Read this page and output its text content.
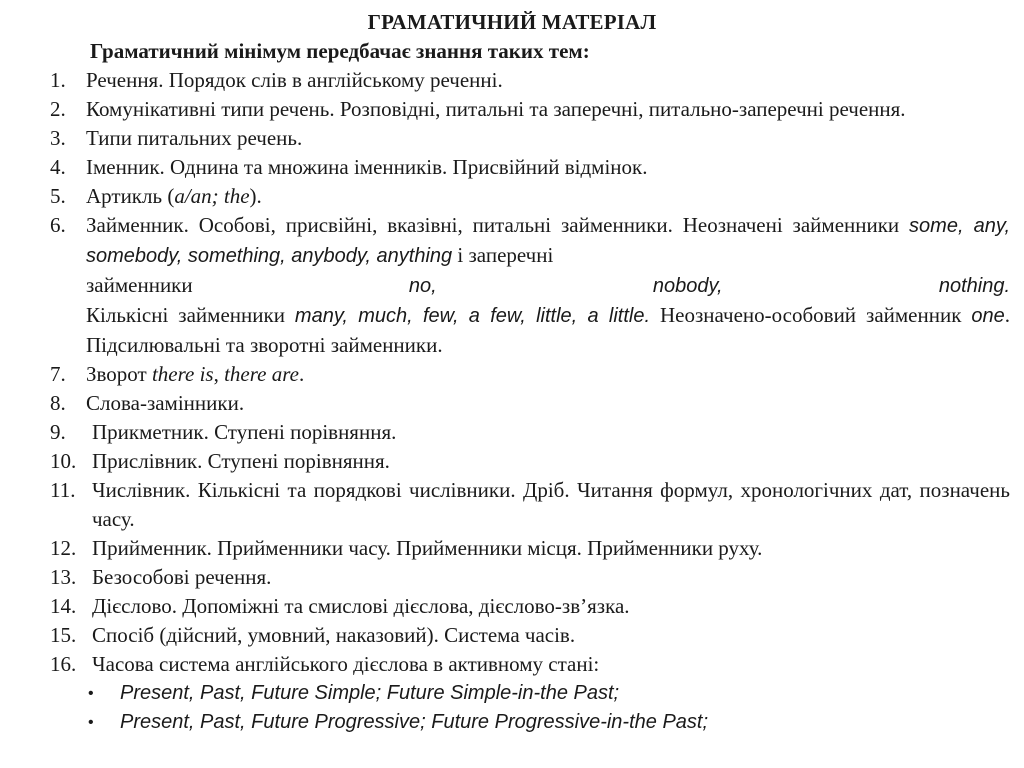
ГРАМАТИЧНИЙ МАТЕРІАЛ
Граматичний мінімум передбачає знання таких тем:
1. Речення. Порядок слів в англійському реченні.
2. Комунікативні типи речень. Розповідні, питальні та заперечні, питально-заперечні речення.
3. Типи питальних речень.
4. Іменник. Однина та множина іменників. Присвійний відмінок.
5. Артикль (a/an; the).
6. Займенник. Особові, присвійні, вказівні, питальні займенники. Неозначені займенники some, any, somebody, something, anybody, anything і заперечні
займенники	no,	nobody,	nothing.
Кількісні займенники many, much, few, a few, little, a little. Неозначено-особовий займенник one. Підсилювальні та зворотні займенники.
7. Зворот there is, there are.
8. Слова-замінники.
9. Прикметник. Ступені порівняння.
10. Прислівник. Ступені порівняння.
11. Числівник. Кількісні та порядкові числівники. Дріб. Читання формул, хронологічних дат, позначень часу.
12. Прийменник. Прийменники часу. Прийменники місця. Прийменники руху.
13. Безособові речення.
14. Дієслово. Допоміжні та смислові дієслова, дієслово-зв’язка.
15. Спосіб (дійсний, умовний, наказовий). Система часів.
16. Часова система англійського дієслова в активному стані:
• Present, Past, Future Simple; Future Simple-in-the Past;
• Present, Past, Future Progressive; Future Progressive-in-the Past;
